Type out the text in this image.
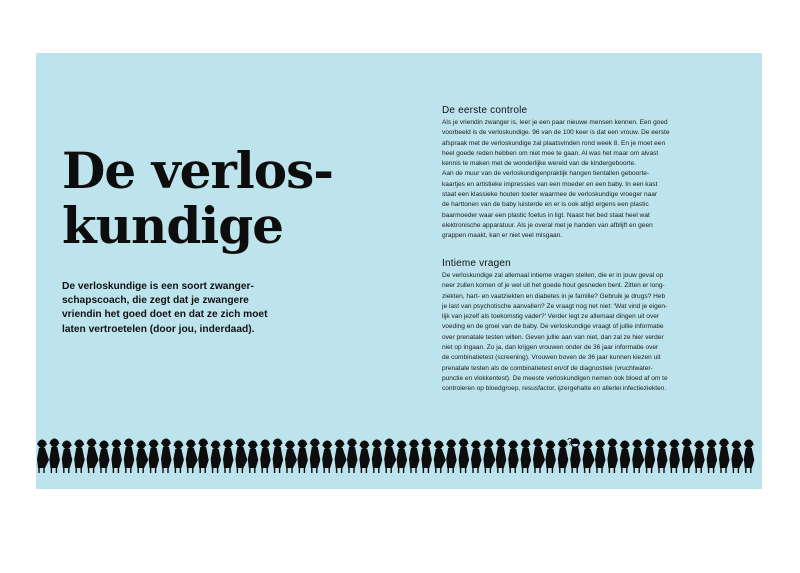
De verlos-
kundige
De verloskundige is een soort zwanger-
schapscoach, die zegt dat je zwangere
vriendin het goed doet en dat ze zich moet
laten vertroetelen (door jou, inderdaad).
De eerste controle
Als je vriendin zwanger is, leer je een paar nieuwe mensen kennen. Een goed
voorbeeld is de verloskundige. 96 van de 100 keer is dat een vrouw. De eerste
afspraak met de verloskundige zal plaatsvinden rond week 8. En je moet een
heel goede reden hebben om niet mee te gaan. Al was het maar om alvast
kennis te maken met de wonderlijke wereld van de kindergeboorte.
Aan de muur van de verloskundigenpraktijk hangen tientallen geboorte-
kaartjes en artistieke impressies van een moeder en een baby. In een kast
staat een klassieke houten toeter waarmee de verloskundige vroeger naar
de harttonen van de baby luisterde en er is ook altijd ergens een plastic
baarmoeder waar een plastic foetus in ligt. Naast het bed staat heel wat
elektronische apparatuur. Als je overal met je handen van afblijft en geen
grappen maakt, kan er niet veel misgaan.
Intieme vragen
De verloskundige zal allemaal intieme vragen stellen, die er in jouw geval op
neer zullen komen of je wel uit het goede hout gesneden bent. Zitten er long-
ziekten, hart- en vaatziekten en diabetes in je familie? Gebruik je drugs? Heb
je last van psychotische aanvallen? Ze vraagt nog net niet: 'Wat vind je eigen-
lijk van jezelf als toekomstig vader?' Verder legt ze allemaal dingen uit over
voeding en de groei van de baby. De verloskundige vraagt of jullie informatie
over prenatale testen willen. Geven jullie aan van niet, dan zal ze hier verder
niet op ingaan. Zo ja, dan krijgen vrouwen onder de 36 jaar informatie over
de combinatietest (screening). Vrouwen boven de 36 jaar kunnen kiezen uit
prenatale testen als de combinatietest en/of de diagnostiek (vruchtwater-
punctie en vlokkentest). De meeste verloskundigen nemen ook bloed af om te
controleren op bloedgroep, resusfactor, ijzergehalte en allerlei infectieziekten.
?
